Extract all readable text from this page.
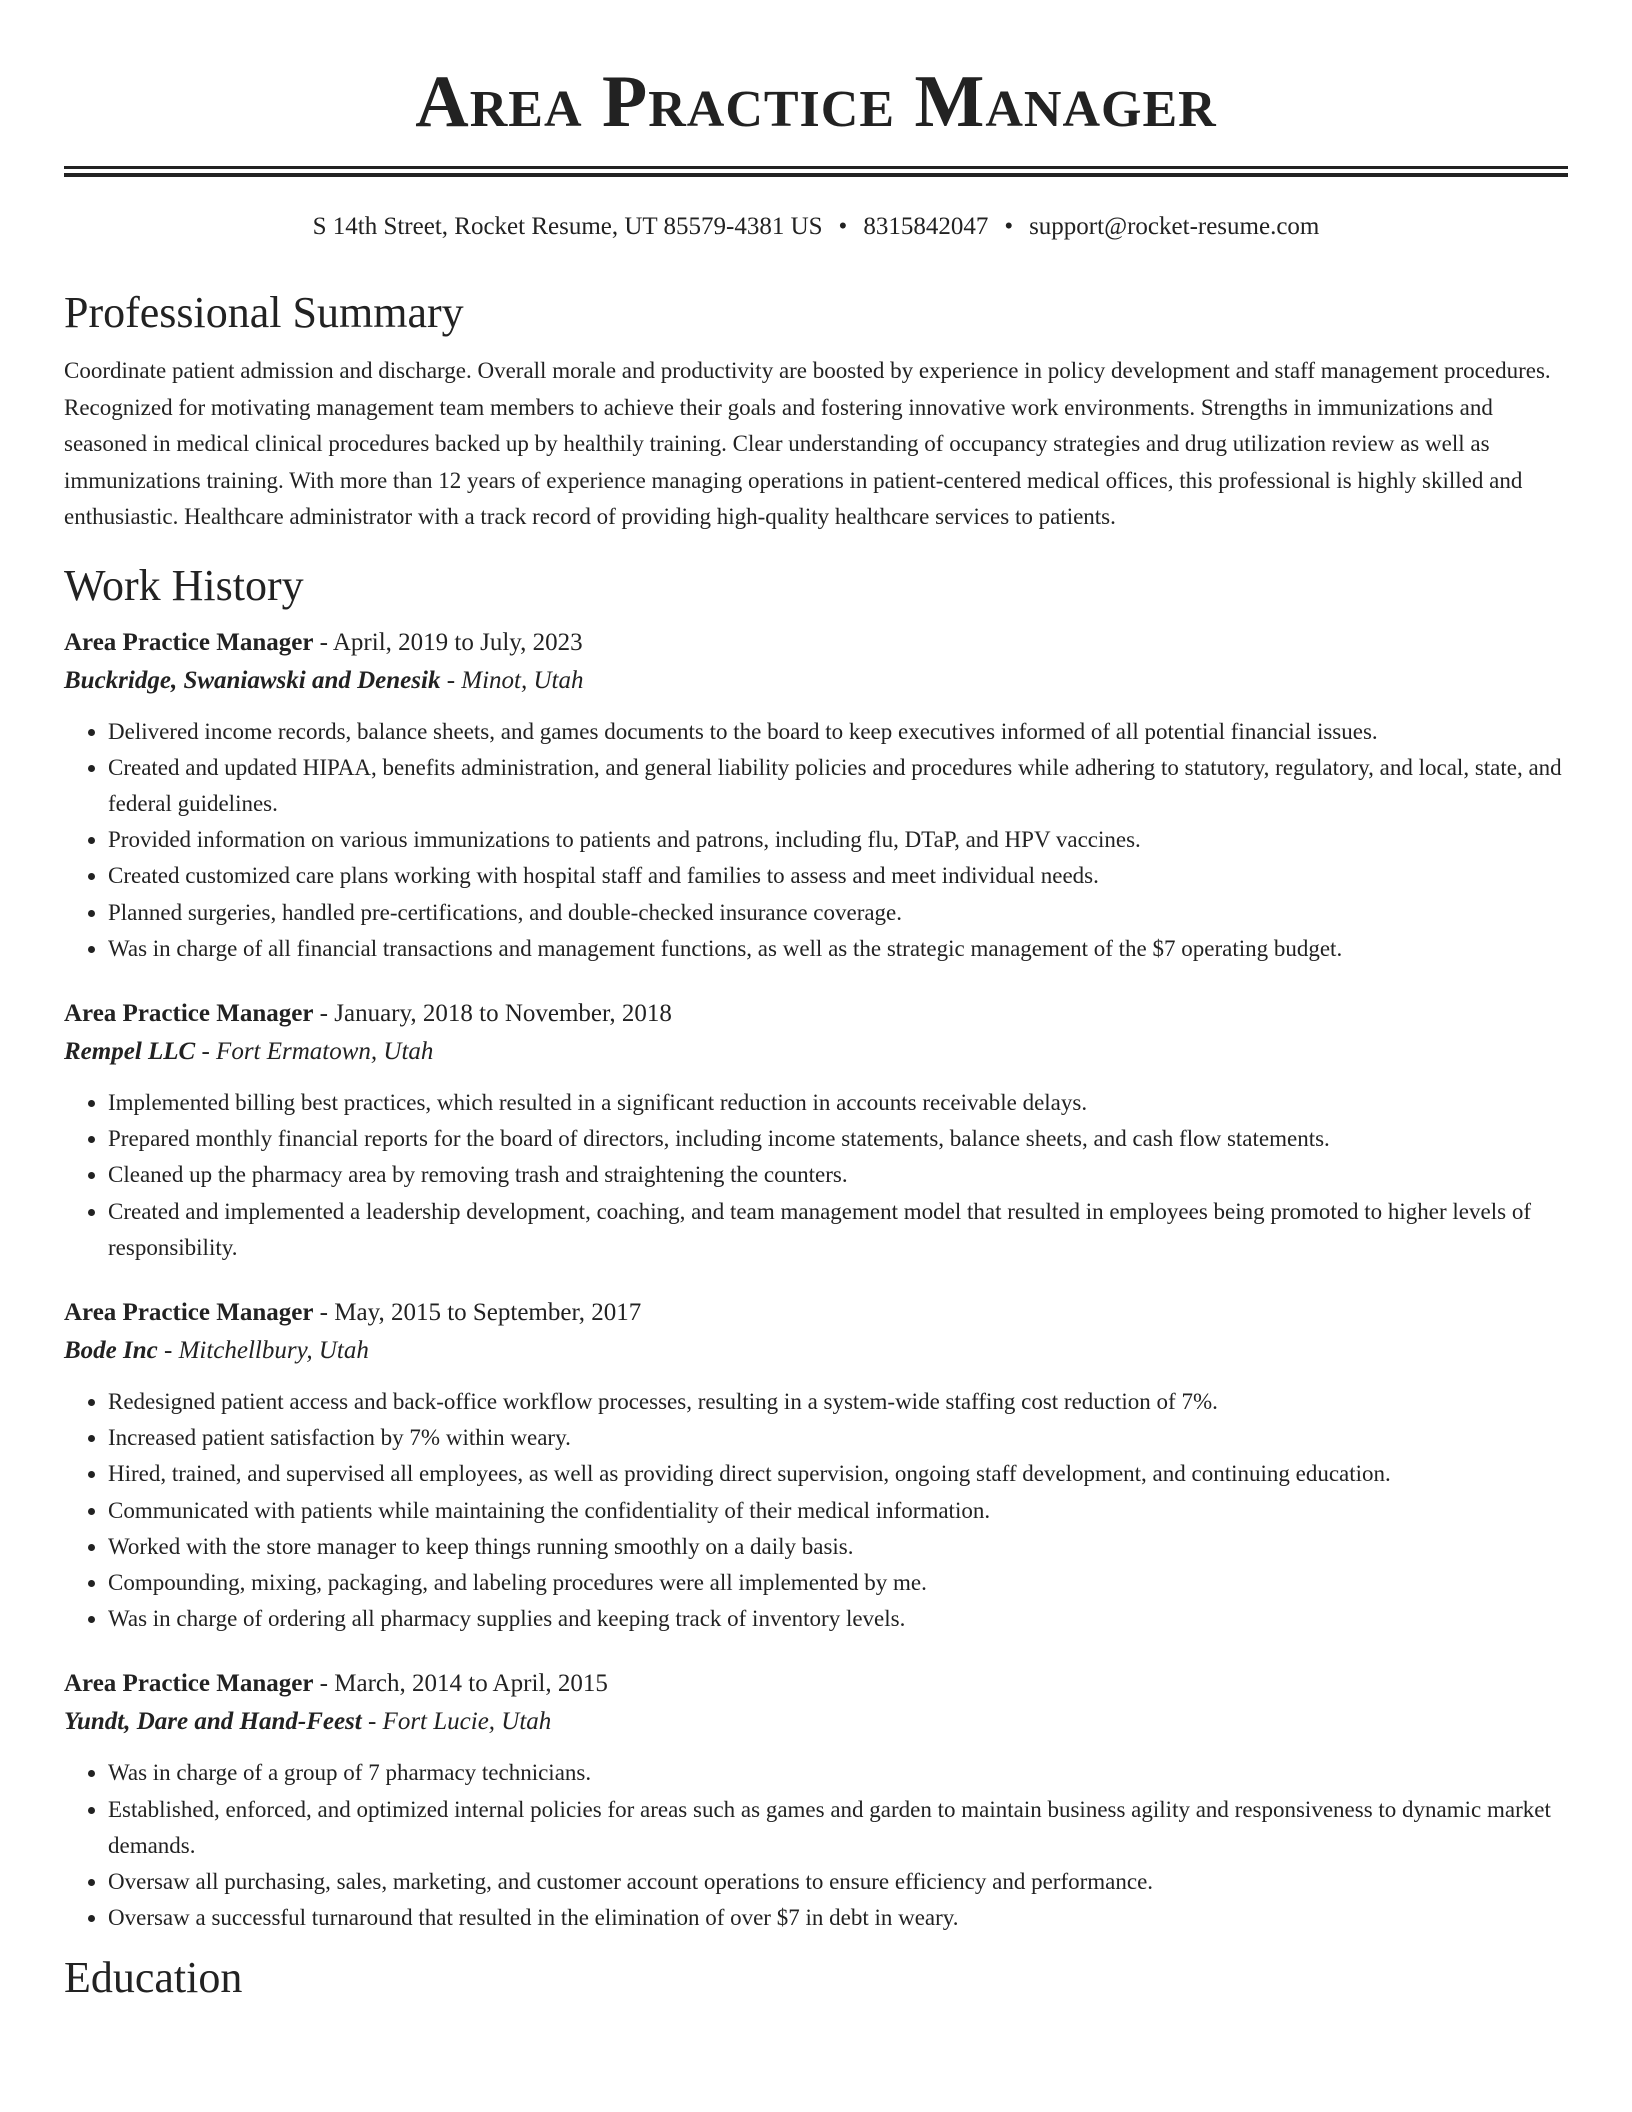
Area Practice Manager
S 14th Street, Rocket Resume, UT 85579-4381 US • 8315842047 • support@rocket-resume.com
Professional Summary

Coordinate patient admission and discharge. Overall morale and productivity are boosted by experience in policy development and staff management procedures. Recognized for motivating management team members to achieve their goals and fostering innovative work environments. Strengths in immunizations and seasoned in medical clinical procedures backed up by healthily training. Clear understanding of occupancy strategies and drug utilization review as well as immunizations training. With more than 12 years of experience managing operations in patient-centered medical offices, this professional is highly skilled and enthusiastic. Healthcare administrator with a track record of providing high-quality healthcare services to patients.

Work History
Area Practice Manager - April, 2019 to July, 2023
Buckridge, Swaniawski and Denesik - Minot, Utah
• Delivered income records, balance sheets, and games documents to the board to keep executives informed of all potential financial issues.
• Created and updated HIPAA, benefits administration, and general liability policies and procedures while adhering to statutory, regulatory, and local, state, and federal guidelines.
• Provided information on various immunizations to patients and patrons, including flu, DTaP, and HPV vaccines.
• Created customized care plans working with hospital staff and families to assess and meet individual needs.
• Planned surgeries, handled pre-certifications, and double-checked insurance coverage.
• Was in charge of all financial transactions and management functions, as well as the strategic management of the $7 operating budget.
Area Practice Manager - January, 2018 to November, 2018
Rempel LLC - Fort Ermatown, Utah
• Implemented billing best practices, which resulted in a significant reduction in accounts receivable delays.
• Prepared monthly financial reports for the board of directors, including income statements, balance sheets, and cash flow statements.
• Cleaned up the pharmacy area by removing trash and straightening the counters.
• Created and implemented a leadership development, coaching, and team management model that resulted in employees being promoted to higher levels of responsibility.
Area Practice Manager - May, 2015 to September, 2017
Bode Inc - Mitchellbury, Utah
• Redesigned patient access and back-office workflow processes, resulting in a system-wide staffing cost reduction of 7%.
• Increased patient satisfaction by 7% within weary.
• Hired, trained, and supervised all employees, as well as providing direct supervision, ongoing staff development, and continuing education.
• Communicated with patients while maintaining the confidentiality of their medical information.
• Worked with the store manager to keep things running smoothly on a daily basis.
• Compounding, mixing, packaging, and labeling procedures were all implemented by me.
• Was in charge of ordering all pharmacy supplies and keeping track of inventory levels.
Area Practice Manager - March, 2014 to April, 2015
Yundt, Dare and Hand-Feest - Fort Lucie, Utah
• Was in charge of a group of 7 pharmacy technicians.
• Established, enforced, and optimized internal policies for areas such as games and garden to maintain business agility and responsiveness to dynamic market demands.
• Oversaw all purchasing, sales, marketing, and customer account operations to ensure efficiency and performance.
• Oversaw a successful turnaround that resulted in the elimination of over $7 in debt in weary.
Education
